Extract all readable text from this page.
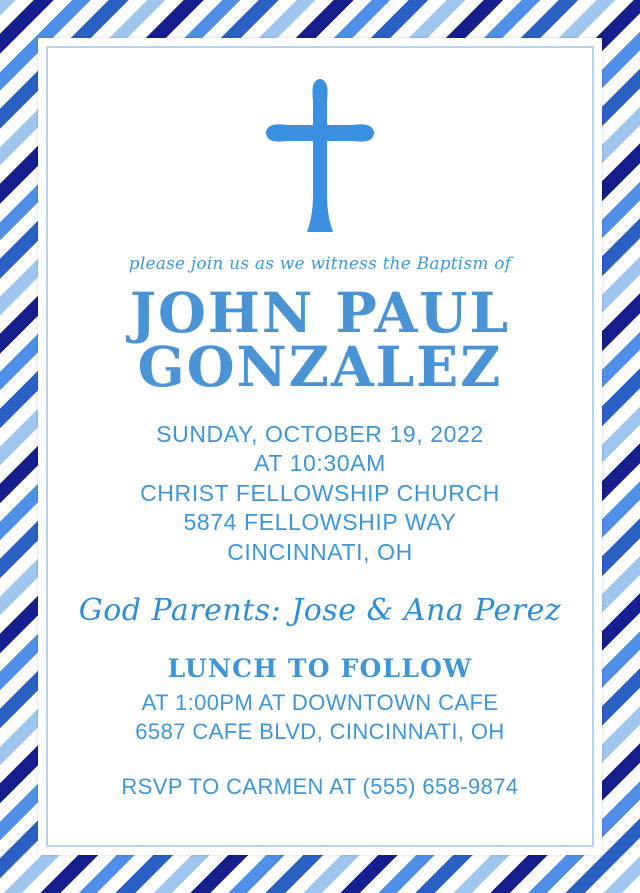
please join us as we witness the Baptism of
JOHN PAUL
GONZALEZ
SUNDAY, OCTOBER 19, 2022
AT 10:30AM
CHRIST FELLOWSHIP CHURCH
5874 FELLOWSHIP WAY
CINCINNATI, OH
God Parents: Jose & Ana Perez
LUNCH TO FOLLOW
AT 1:00PM AT DOWNTOWN CAFE
6587 CAFE BLVD, CINCINNATI, OH
RSVP TO CARMEN AT (555) 658-9874
